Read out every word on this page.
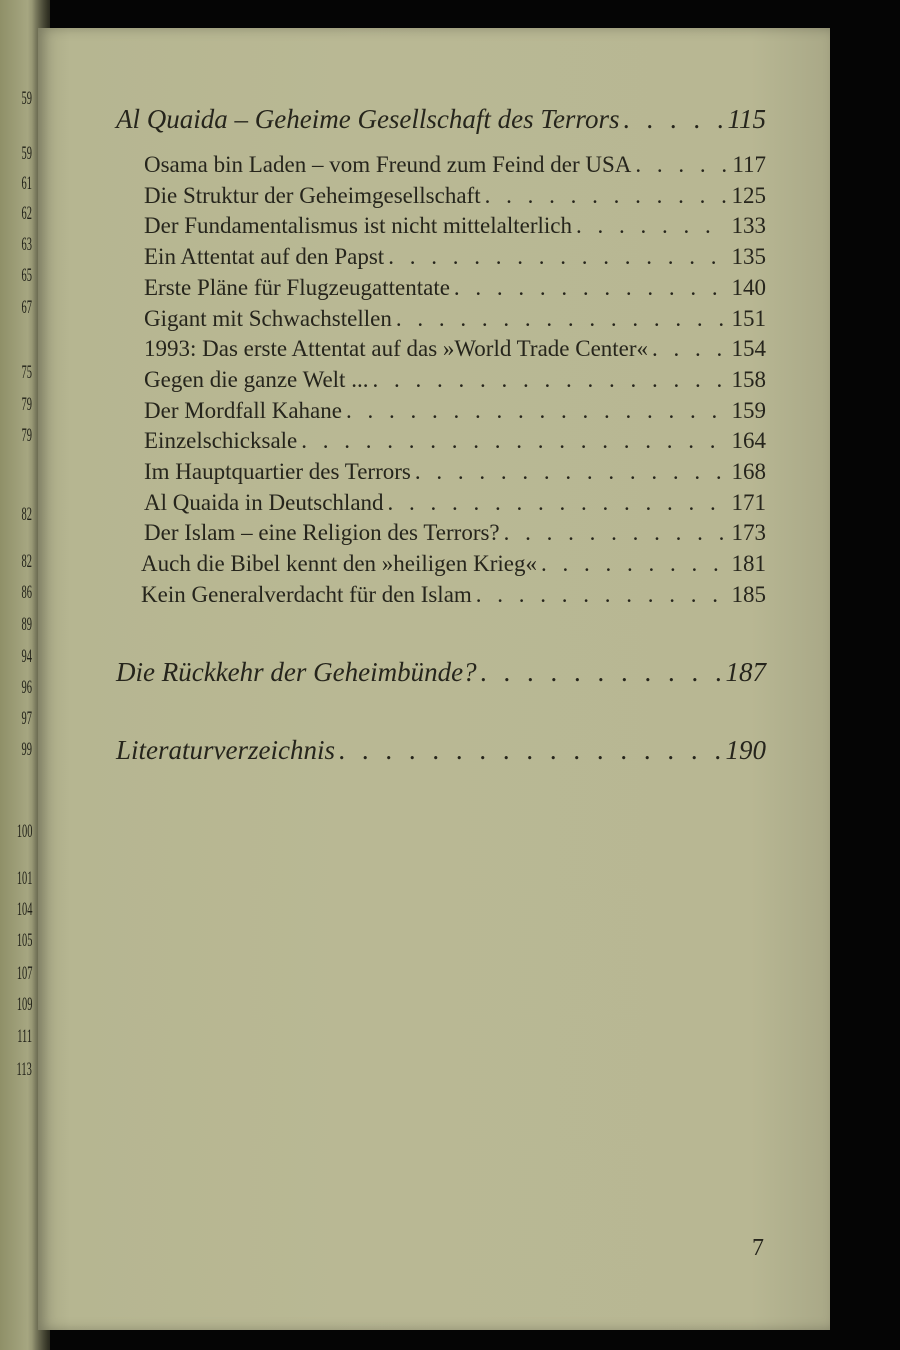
59
59
61
62
63
65
67
75
79
79
82
82
86
89
94
96
97
99
100
101
104
105
107
109
111
113
Al Quaida – Geheime Gesellschaft des Terrors . . .	115
Osama bin Laden – vom Freund zum Feind der USA . . .	117
Die Struktur der Geheimgesellschaft . . .	125
Der Fundamentalismus ist nicht mittelalterlich . . .	133
Ein Attentat auf den Papst . . .	135
Erste Pläne für Flugzeugattentate . . .	140
Gigant mit Schwachstellen . . .	151
1993: Das erste Attentat auf das »World Trade Center« . . .	154
Gegen die ganze Welt ... . . .	158
Der Mordfall Kahane . . .	159
Einzelschicksale . . .	164
Im Hauptquartier des Terrors . . .	168
Al Quaida in Deutschland . . .	171
Der Islam – eine Religion des Terrors? . . .	173
Auch die Bibel kennt den »heiligen Krieg« . . .	181
Kein Generalverdacht für den Islam . . .	185
Die Rückkehr der Geheimbünde? . . .	187
Literaturverzeichnis . . .	190
7
